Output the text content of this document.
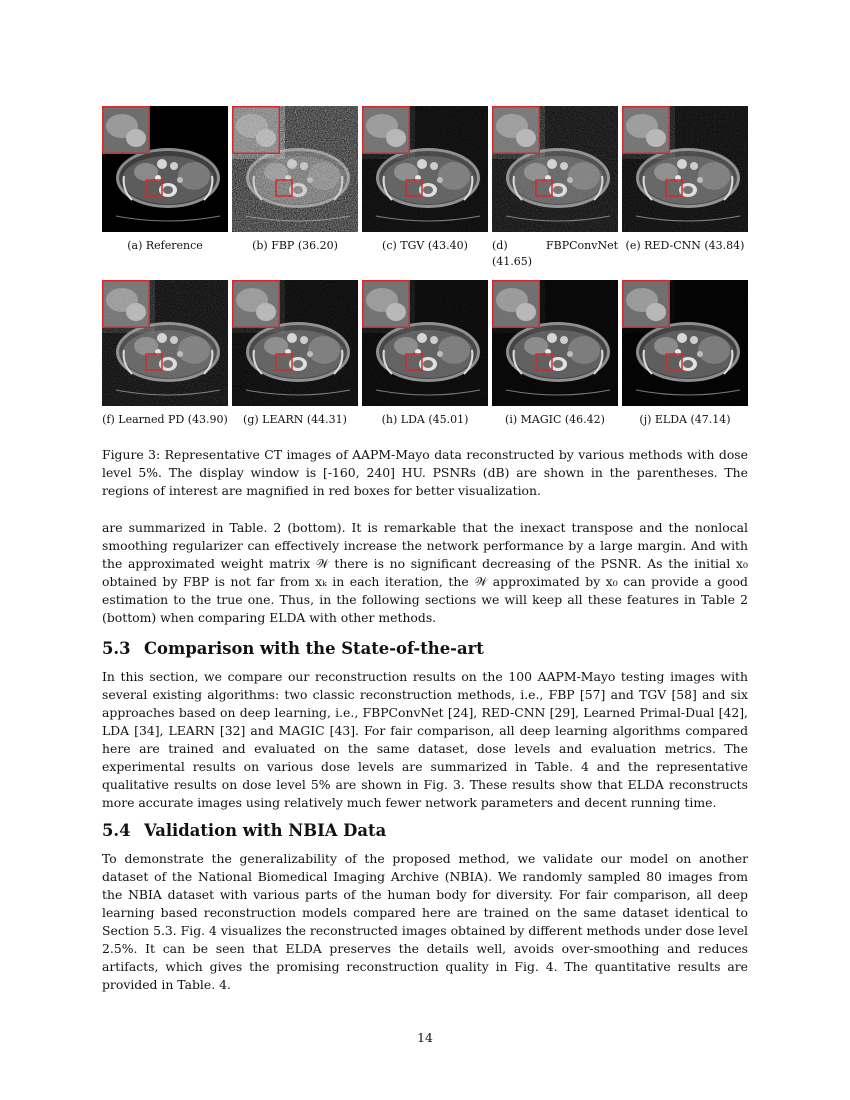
(a) Reference	(b) FBP (36.20)	(c) TGV (43.40)	(d)	FBPConvNet
(41.65)
(e) RED-CNN (43.84)
(f) Learned PD (43.90)	(g) LEARN (44.31)	(h) LDA (45.01)	(i) MAGIC (46.42)	(j) ELDA (47.14)
Figure 3: Representative CT images of AAPM-Mayo data reconstructed by various methods with dose level 5%. The display window is [-160, 240] HU. PSNRs (dB) are shown in the parentheses. The regions of interest are magnified in red boxes for better visualization.

are summarized in Table. 2 (bottom). It is remarkable that the inexact transpose and the nonlocal smoothing regularizer can effectively increase the network performance by a large margin. And with the approximated weight matrix 𝒲 there is no significant decreasing of the PSNR. As the initial x₀ obtained by FBP is not far from xₖ in each iteration, the 𝒲 approximated by x₀ can provide a good estimation to the true one. Thus, in the following sections we will keep all these features in Table 2 (bottom) when comparing ELDA with other methods.

5.3 Comparison with the State-of-the-art

In this section, we compare our reconstruction results on the 100 AAPM-Mayo testing images with several existing algorithms: two classic reconstruction methods, i.e., FBP [57] and TGV [58] and six approaches based on deep learning, i.e., FBPConvNet [24], RED-CNN [29], Learned Primal-Dual [42], LDA [34], LEARN [32] and MAGIC [43]. For fair comparison, all deep learning algorithms compared here are trained and evaluated on the same dataset, dose levels and evaluation metrics. The experimental results on various dose levels are summarized in Table. 4 and the representative qualitative results on dose level 5% are shown in Fig. 3. These results show that ELDA reconstructs more accurate images using relatively much fewer network parameters and decent running time.

5.4 Validation with NBIA Data

To demonstrate the generalizability of the proposed method, we validate our model on another dataset of the National Biomedical Imaging Archive (NBIA). We randomly sampled 80 images from the NBIA dataset with various parts of the human body for diversity. For fair comparison, all deep learning based reconstruction models compared here are trained on the same dataset identical to Section 5.3. Fig. 4 visualizes the reconstructed images obtained by different methods under dose level 2.5%. It can be seen that ELDA preserves the details well, avoids over-smoothing and reduces artifacts, which gives the promising reconstruction quality in Fig. 4. The quantitative results are provided in Table. 4.

14
